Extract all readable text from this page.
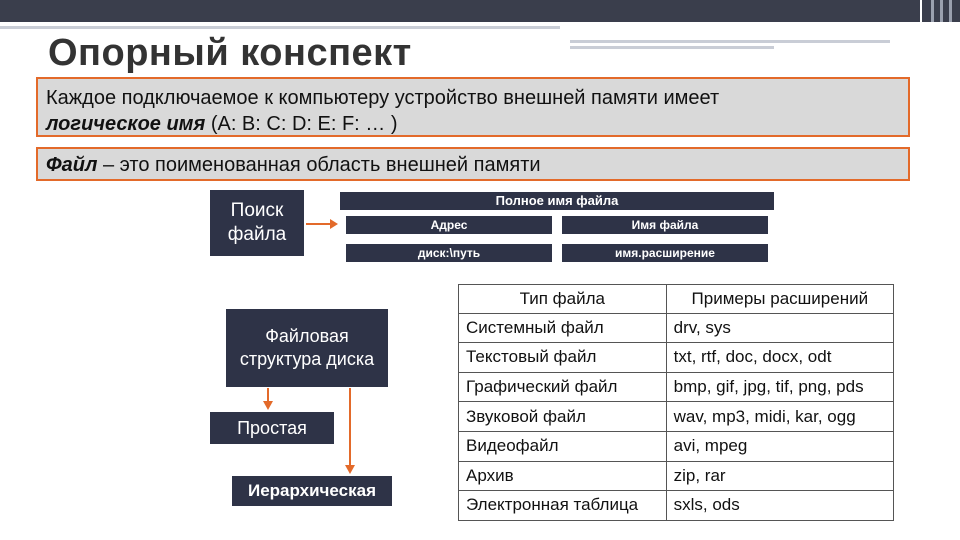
Опорный конспект
Каждое подключаемое к компьютеру устройство внешней памяти имеет
логическое имя (A: B: C: D: E: F: … )
Файл – это поименованная область внешней памяти
Поиск файла
Полное имя файла
Адрес	Имя файла
диск:\путь	имя.расширение
Файловая структура диска
Простая
Иерархическая
Тип файла	Примеры расширений
Системный файл	drv, sys
Текстовый файл	txt, rtf, doc, docx, odt
Графический файл	bmp, gif, jpg, tif, png, pds
Звуковой файл	wav, mp3, midi, kar, ogg
Видеофайл	avi, mpeg
Архив	zip, rar
Электронная таблица	sxls, ods
